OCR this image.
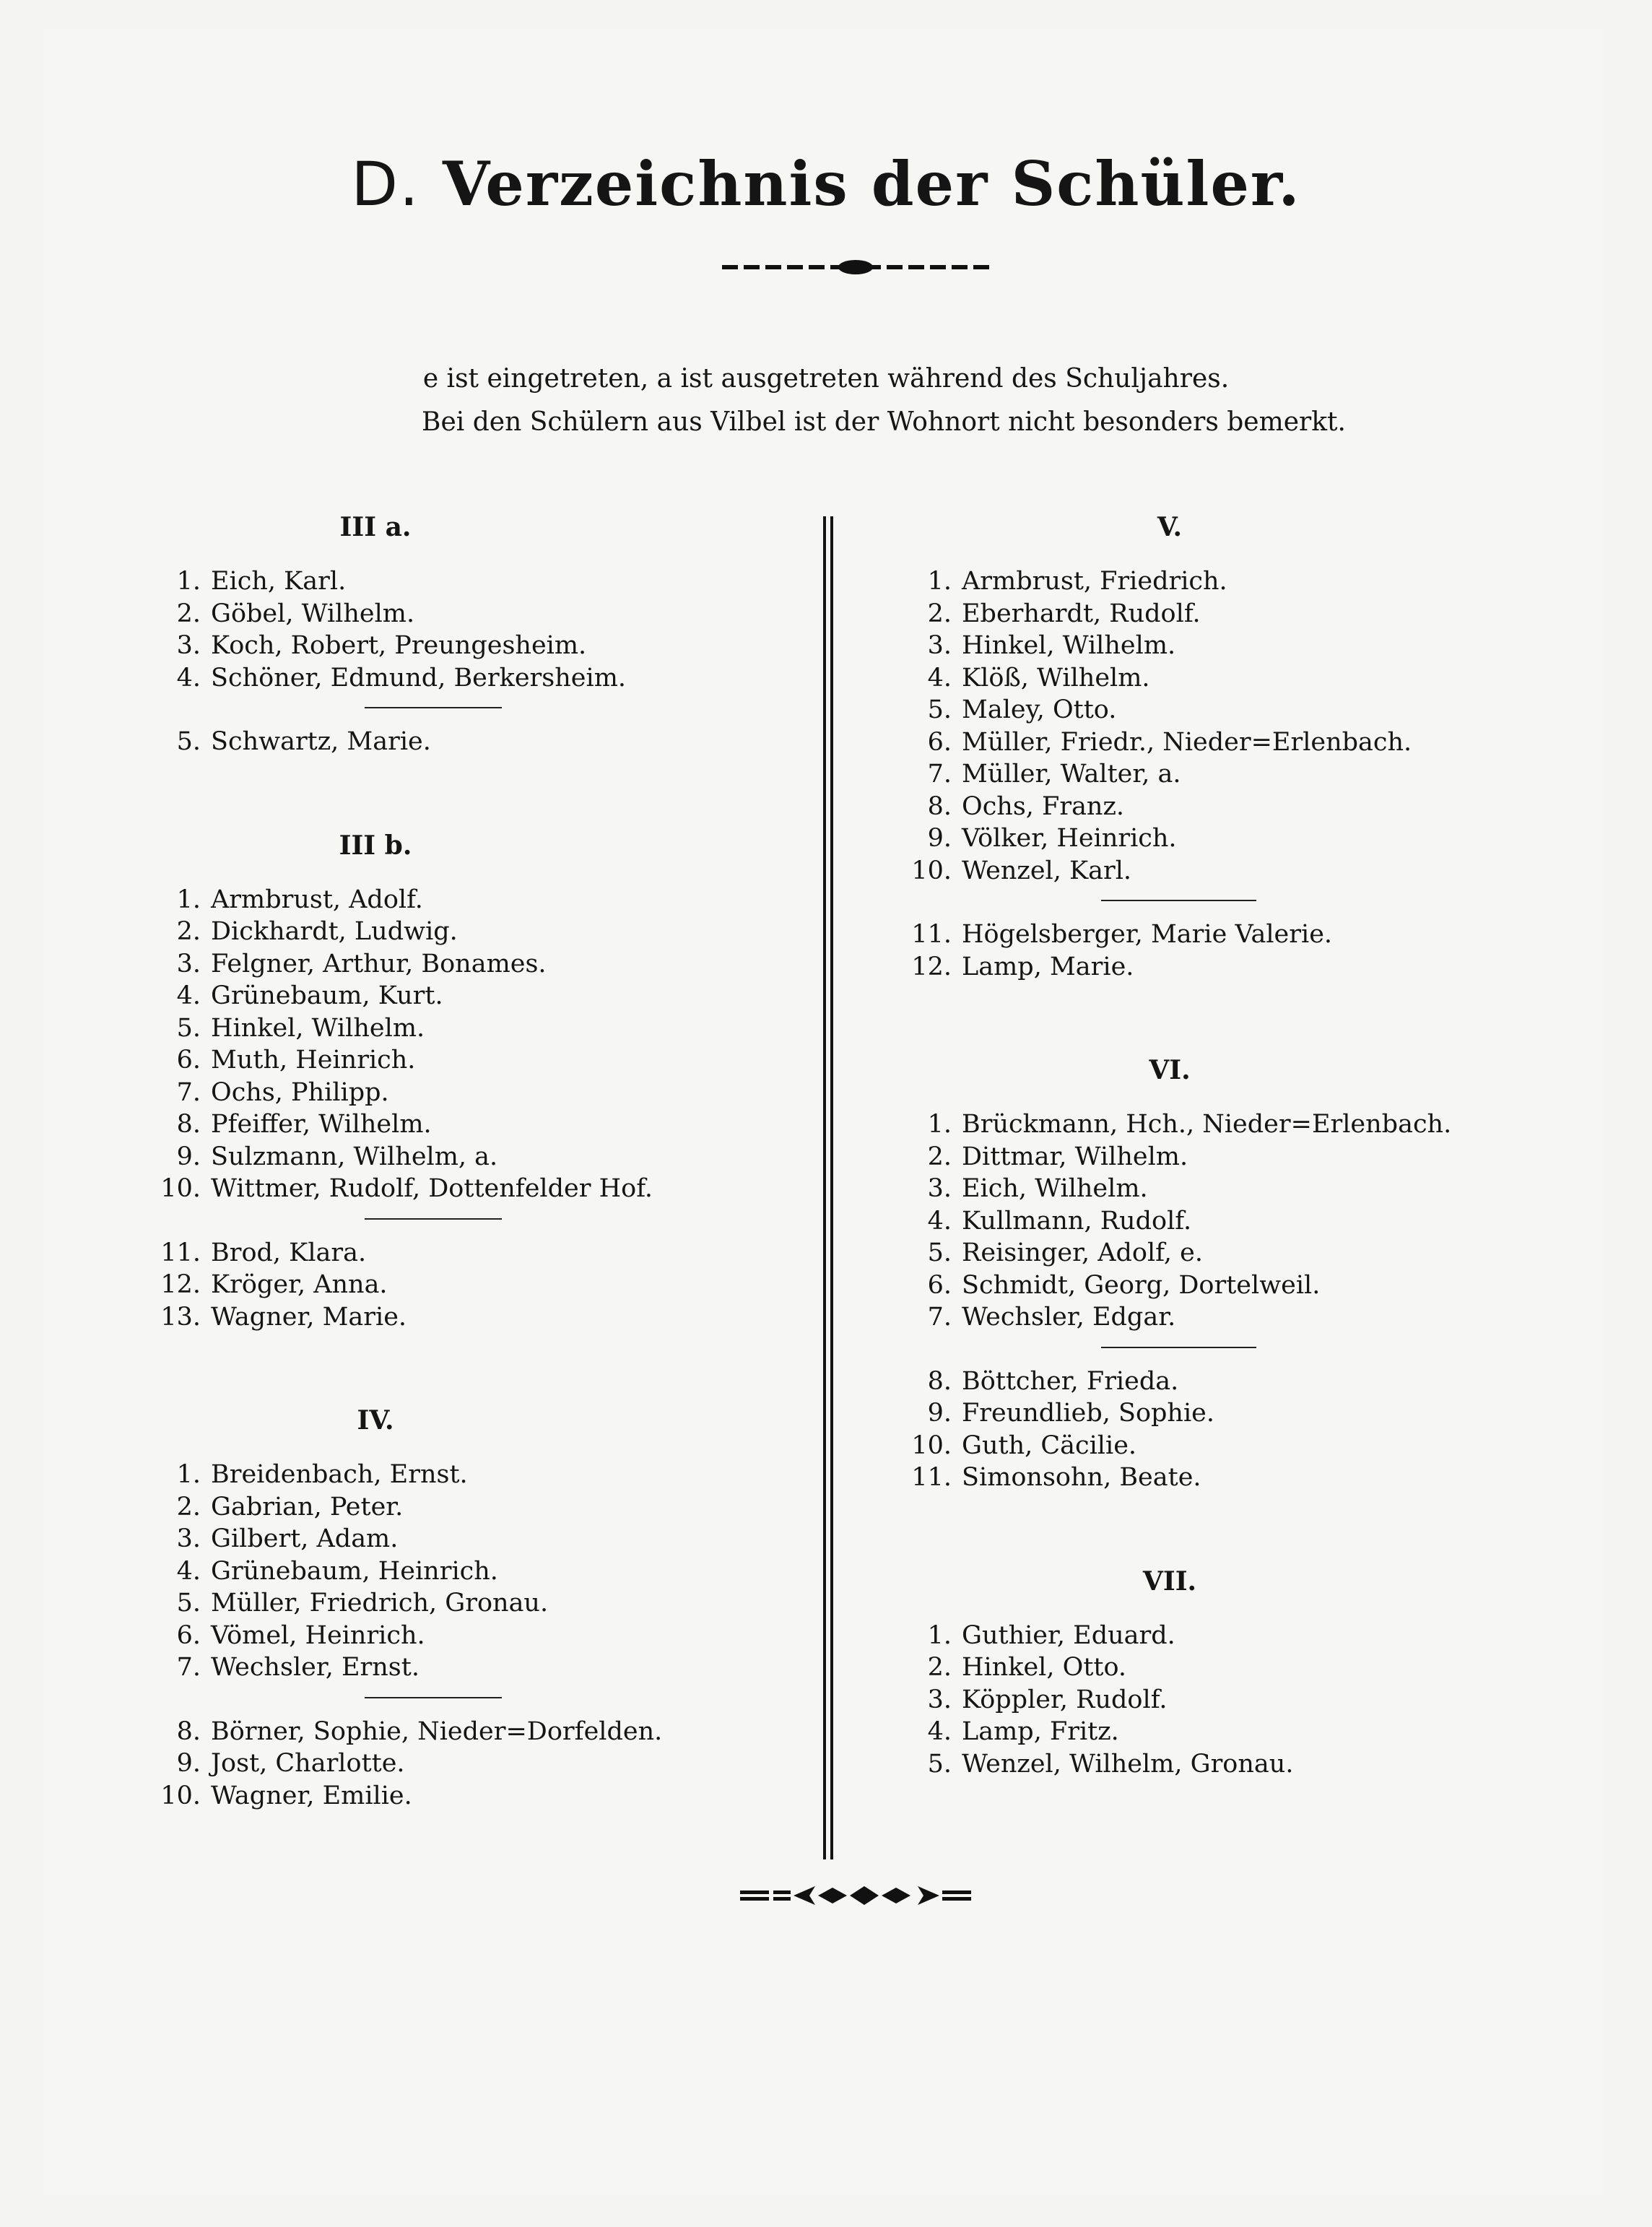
D. Verzeichnis der Schüler.
e ist eingetreten, a ist ausgetreten während des Schuljahres.
Bei den Schülern aus Vilbel ist der Wohnort nicht besonders bemerkt.
III a.
1. Eich, Karl.
2. Göbel, Wilhelm.
3. Koch, Robert, Preungesheim.
4. Schöner, Edmund, Berkersheim.
5. Schwartz, Marie.
III b.
1. Armbrust, Adolf.
2. Dickhardt, Ludwig.
3. Felgner, Arthur, Bonames.
4. Grünebaum, Kurt.
5. Hinkel, Wilhelm.
6. Muth, Heinrich.
7. Ochs, Philipp.
8. Pfeiffer, Wilhelm.
9. Sulzmann, Wilhelm, a.
10. Wittmer, Rudolf, Dottenfelder Hof.
11. Brod, Klara.
12. Kröger, Anna.
13. Wagner, Marie.
IV.
1. Breidenbach, Ernst.
2. Gabrian, Peter.
3. Gilbert, Adam.
4. Grünebaum, Heinrich.
5. Müller, Friedrich, Gronau.
6. Vömel, Heinrich.
7. Wechsler, Ernst.
8. Börner, Sophie, Nieder=Dorfelden.
9. Jost, Charlotte.
10. Wagner, Emilie.
V.
1. Armbrust, Friedrich.
2. Eberhardt, Rudolf.
3. Hinkel, Wilhelm.
4. Klöß, Wilhelm.
5. Maley, Otto.
6. Müller, Friedr., Nieder=Erlenbach.
7. Müller, Walter, a.
8. Ochs, Franz.
9. Völker, Heinrich.
10. Wenzel, Karl.
11. Högelsberger, Marie Valerie.
12. Lamp, Marie.
VI.
1. Brückmann, Hch., Nieder=Erlenbach.
2. Dittmar, Wilhelm.
3. Eich, Wilhelm.
4. Kullmann, Rudolf.
5. Reisinger, Adolf, e.
6. Schmidt, Georg, Dortelweil.
7. Wechsler, Edgar.
8. Böttcher, Frieda.
9. Freundlieb, Sophie.
10. Guth, Cäcilie.
11. Simonsohn, Beate.
VII.
1. Guthier, Eduard.
2. Hinkel, Otto.
3. Köppler, Rudolf.
4. Lamp, Fritz.
5. Wenzel, Wilhelm, Gronau.
